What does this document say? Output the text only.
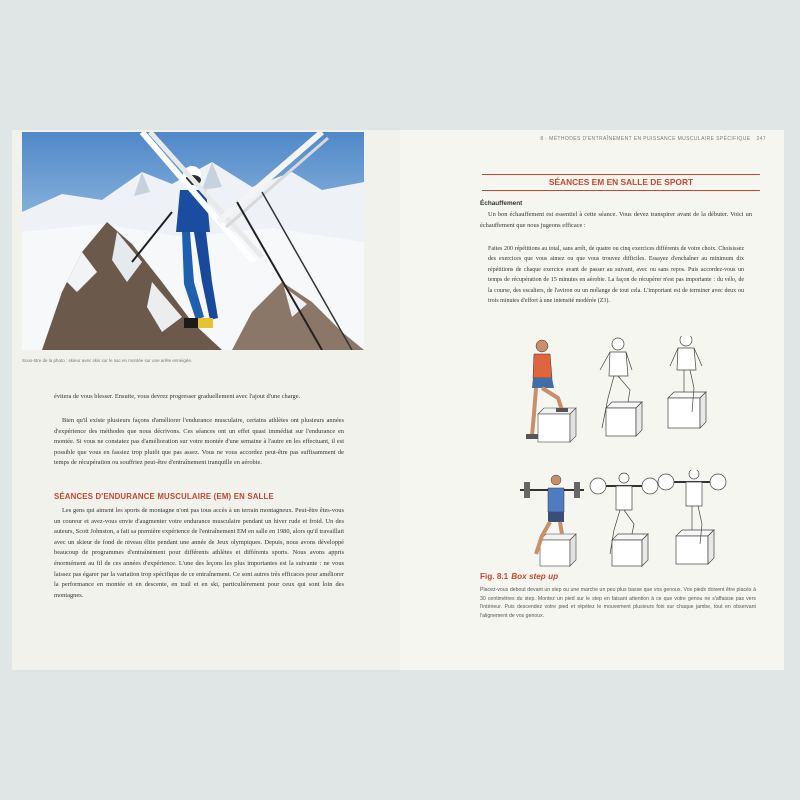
Sous-titre de la photo : skieur avec skis sur le sac en montée sur une arête enneigée.

évitera de vous blesser. Ensuite, vous devrez progresser graduellement avec l'ajout d'une charge.

Bien qu'il existe plusieurs façons d'améliorer l'endurance musculaire, certains athlètes ont plusieurs années d'expérience des méthodes que nous décrivons. Ces séances ont un effet quasi immédiat sur l'endurance en montée. Si vous ne constatez pas d'amélioration sur votre montée d'une semaine à l'autre en les effectuant, il est possible que vous en fassiez trop plutôt que pas assez. Vous ne vous accordez peut-être pas suffisamment de temps de récupération ou souffriez peut-être d'entraînement tranquille en aérobie.

SÉANCES D'ENDURANCE MUSCULAIRE (EM) EN SALLE

Les gens qui aiment les sports de montagne n'ont pas tous accès à un terrain montagneux. Peut-être êtes-vous un coureur et avez-vous envie d'augmenter votre endurance musculaire pendant un hiver rude et froid. Un des auteurs, Scott Johnston, a fait sa première expérience de l'entraînement EM en salle en 1980, alors qu'il travaillait avec un skieur de fond de niveau élite pendant une année de Jeux olympiques. Depuis, nous avons développé beaucoup de programmes d'entraînement pour différents athlètes et différents sports. Nous avons appris énormément au fil de ces années d'expérience. L'une des leçons les plus importantes est la suivante : ne vous laissez pas égarer par la variation trop spécifique de ce entraînement. Ce sont autres très efficaces pour améliorer la performance en montée et en descente, en trail et en ski, particulièrement pour ceux qui sont loin des montagnes.

8 · MÉTHODES D'ENTRAÎNEMENT EN PUISSANCE MUSCULAIRE SPÉCIFIQUE 247
SÉANCES EM EN SALLE DE SPORT
Échauffement

Un bon échauffement est essentiel à cette séance. Vous devez transpirer avant de la débuter. Voici un échauffement que nous jugeons efficace :

Faites 200 répétitions au total, sans arrêt, de quatre ou cinq exercices différents de votre choix. Choisissez des exercices que vous aimez ou que vous trouvez difficiles. Essayez d'enchaîner au minimum dix répétitions de chaque exercice avant de passer au suivant, avec ou sans repos. Puis accordez-vous un temps de récupération de 15 minutes en aérobie. La façon de récupérer n'est pas importante : du vélo, de la course, des escaliers, de l'aviron ou un mélange de tout cela. L'important est de terminer avec deux ou trois minutes d'effort à une intensité modérée (Z3).

Fig. 8.1 Box step up

Placez-vous debout devant un step ou une marche un peu plus basse que vos genoux. Vos pieds doivent être placés à 30 centimètres du step. Montez un pied sur le step en faisant attention à ce que votre genou ne s'affaisse pas vers l'intérieur. Puis descendez votre pied et répétez le mouvement plusieurs fois sur chaque jambe, tout en observant l'alignement de vos genoux.
